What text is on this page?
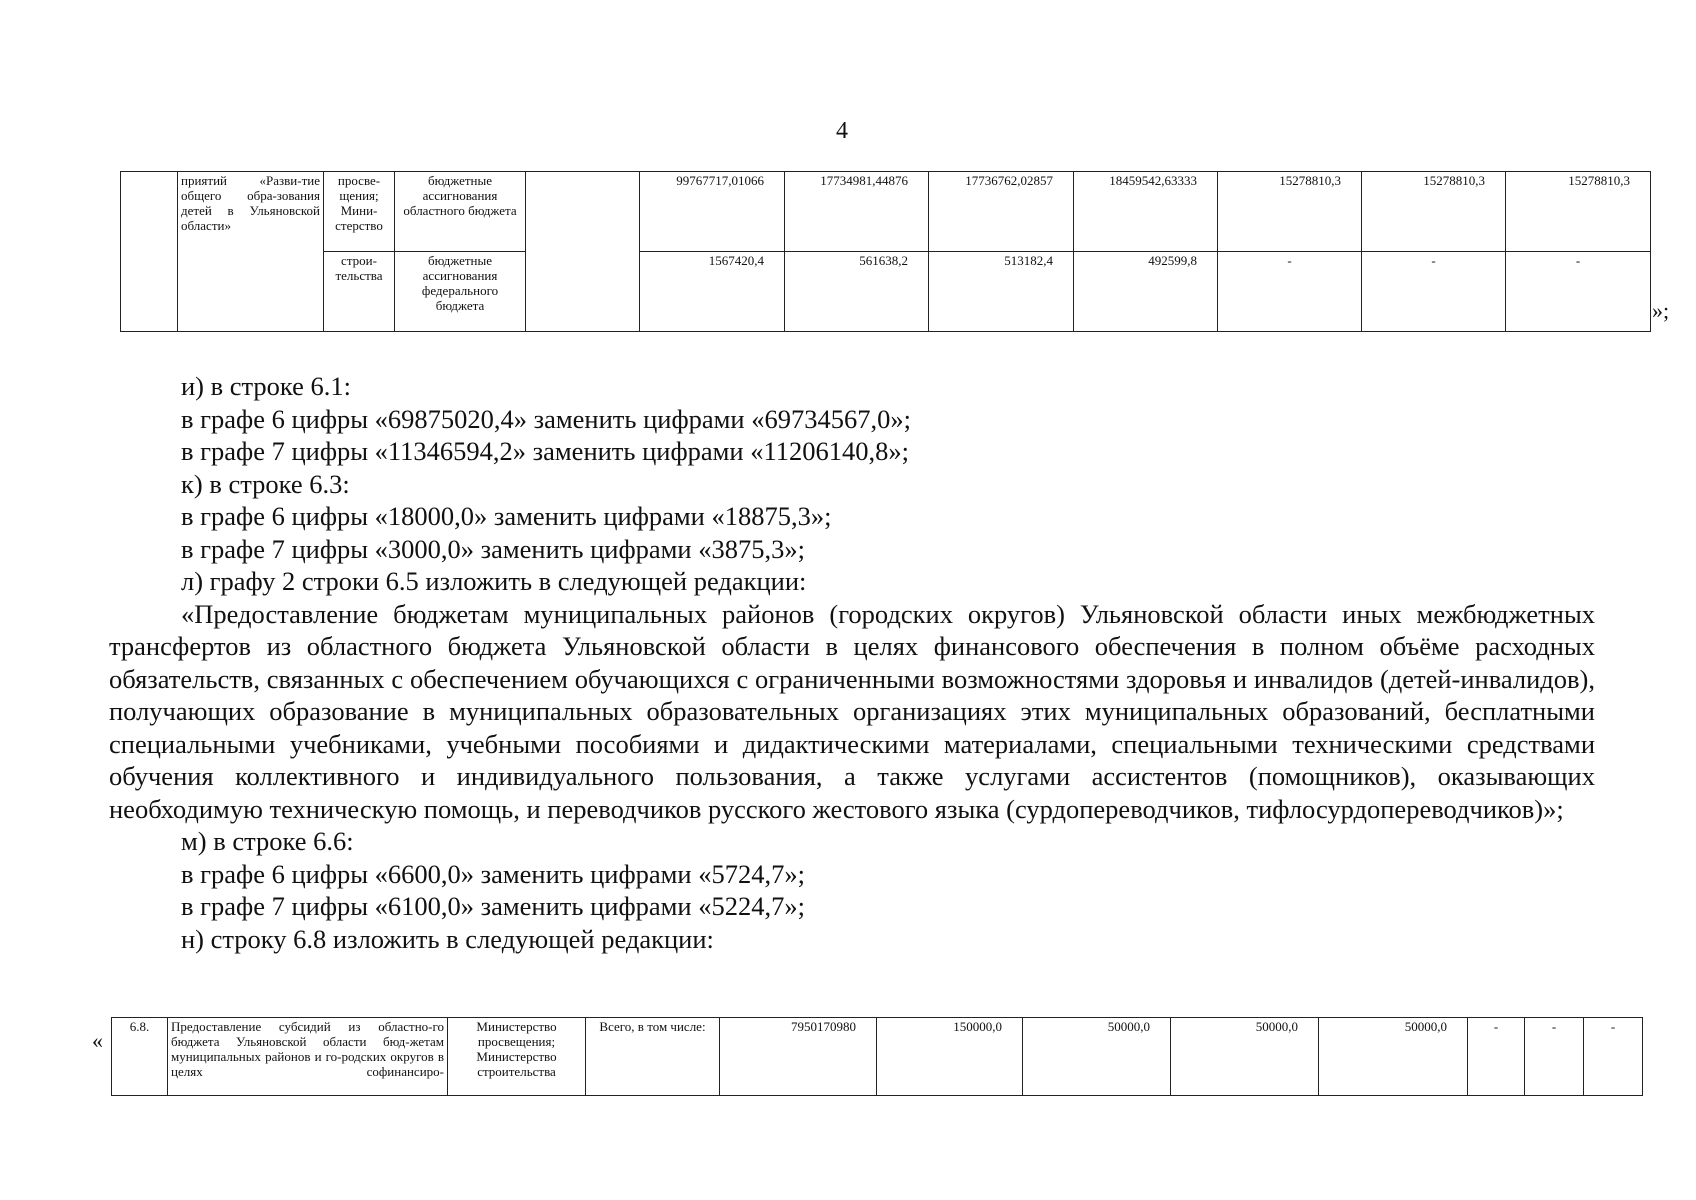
4
	приятий «Разви-тие общего обра-зования детей в Ульяновской области»	просве-щения; Мини-стерство	бюджетные ассигнования областного бюджета		99767717,01066	17734981,44876	17736762,02857	18459542,63333	15278810,3	15278810,3	15278810,3
		строи-тельства	бюджетные ассигнования федерального бюджета		1567420,4	561638,2	513182,4	492599,8	-	-	-
»;

и) в строке 6.1:

в графе 6 цифры «69875020,4» заменить цифрами «69734567,0»;

в графе 7 цифры «11346594,2» заменить цифрами «11206140,8»;

к) в строке 6.3:

в графе 6 цифры «18000,0» заменить цифрами «18875,3»;

в графе 7 цифры «3000,0» заменить цифрами «3875,3»;

л) графу 2 строки 6.5 изложить в следующей редакции:

«Предоставление бюджетам муниципальных районов (городских округов) Ульяновской области иных межбюджетных трансфертов из областного бюджета Ульяновской области в целях финансового обеспечения в полном объёме расходных обязательств, связанных с обеспечением обучающихся с ограниченными возможностями здоровья и инвалидов (детей-инвалидов), получающих образование в муниципальных образовательных организациях этих муниципальных образований, бесплатными специальными учебниками, учебными пособиями и дидактическими материалами, специальными техническими средствами обучения коллективного и индивидуального пользования, а также услугами ассистентов (помощников), оказывающих необходимую техническую помощь, и переводчиков русского жестового языка (сурдопереводчиков, тифлосурдопереводчиков)»;

м) в строке 6.6:

в графе 6 цифры «6600,0» заменить цифрами «5724,7»;

в графе 7 цифры «6100,0» заменить цифрами «5224,7»;

н) строку 6.8 изложить в следующей редакции:

«
6.8.	Предоставление субсидий из областно-го бюджета Ульяновской области бюд-жетам муниципальных районов и го-родских округов в целях софинансиро-	Министерство просвещения; Министерство строительства	Всего, в том числе:	7950170980	150000,0	50000,0	50000,0	50000,0	-	-	-
